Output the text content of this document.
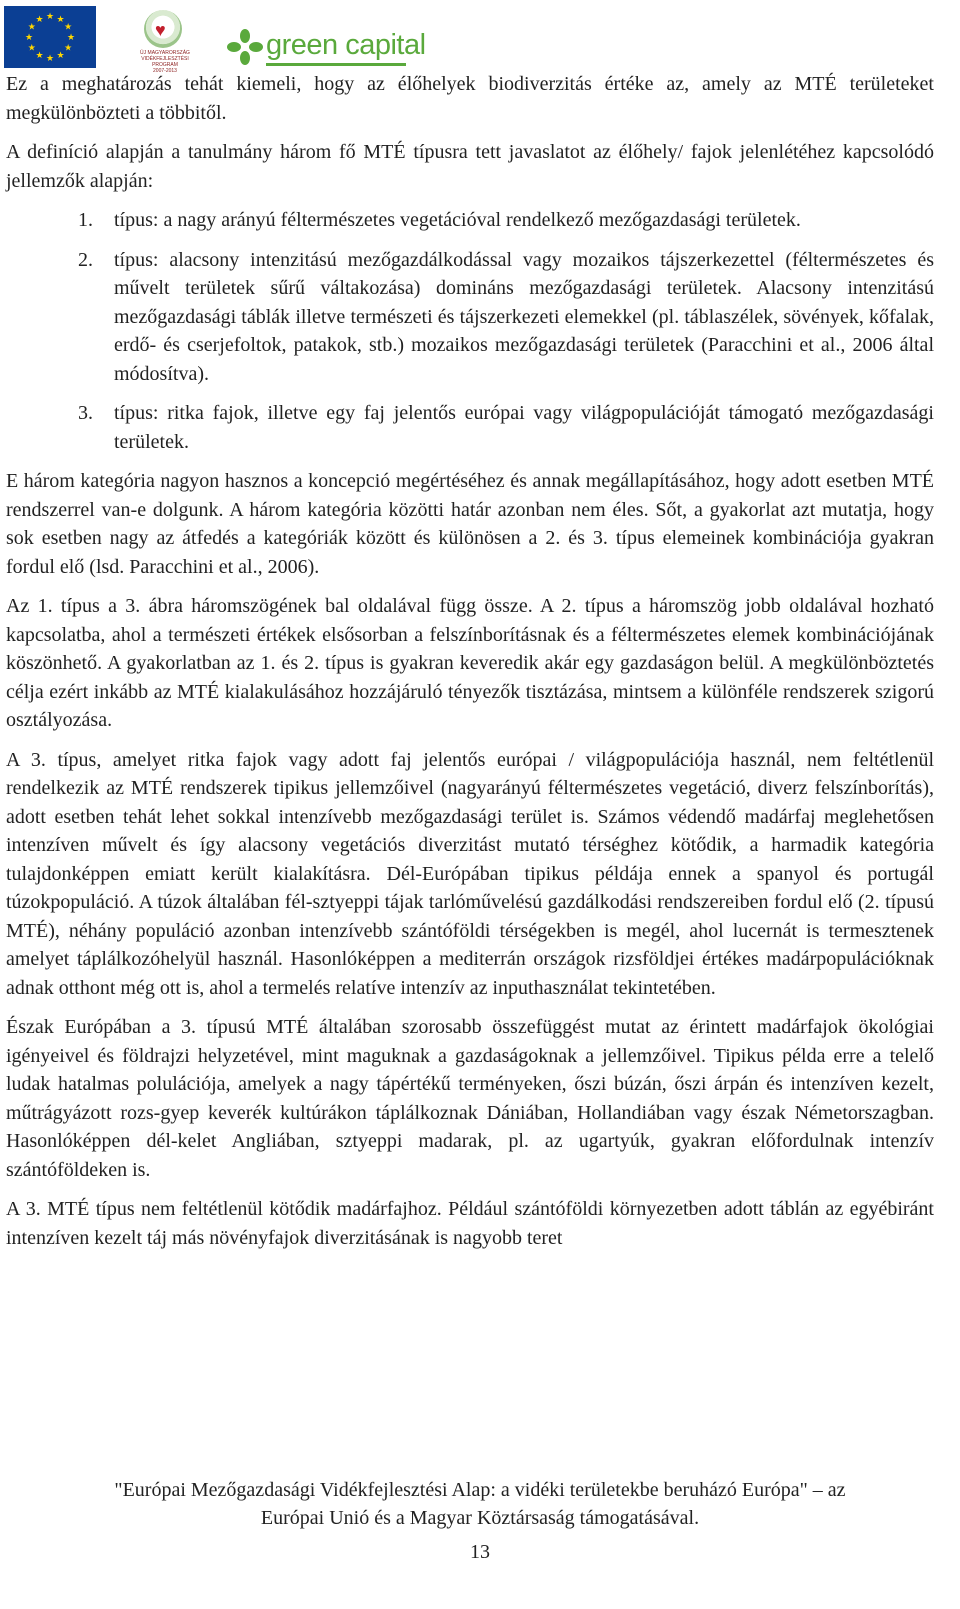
★ ★
★
★
★
★
★
★
★
★
★
★
♥
ÚJ MAGYARORSZÁG
VIDÉKFEJLESZTÉSI PROGRAM
2007-2013
green capital

Ez a meghatározás tehát kiemeli, hogy az élőhelyek biodiverzitás értéke az, amely az MTÉ területeket megkülönbözteti a többitől.

A definíció alapján a tanulmány három fő MTÉ típusra tett javaslatot az élőhely/ fajok jelenlétéhez kapcsolódó jellemzők alapján:

1. típus: a nagy arányú féltermészetes vegetációval rendelkező mezőgazdasági területek.
2. típus: alacsony intenzitású mezőgazdálkodással vagy mozaikos tájszerkezettel (féltermészetes és művelt területek sűrű váltakozása) domináns mezőgazdasági területek. Alacsony intenzitású mezőgazdasági táblák illetve természeti és tájszerkezeti elemekkel (pl. táblaszélek, sövények, kőfalak, erdő- és cserjefoltok, patakok, stb.) mozaikos mezőgazdasági területek (Paracchini et al., 2006 által módosítva).
3. típus: ritka fajok, illetve egy faj jelentős európai vagy világpopulációját támogató mezőgazdasági területek.

E három kategória nagyon hasznos a koncepció megértéséhez és annak megállapításához, hogy adott esetben MTÉ rendszerrel van-e dolgunk. A három kategória közötti határ azonban nem éles. Sőt, a gyakorlat azt mutatja, hogy sok esetben nagy az átfedés a kategóriák között és különösen a 2. és 3. típus elemeinek kombinációja gyakran fordul elő (lsd. Paracchini et al., 2006).

Az 1. típus a 3. ábra háromszögének bal oldalával függ össze. A 2. típus a háromszög jobb oldalával hozható kapcsolatba, ahol a természeti értékek elsősorban a felszínborításnak és a féltermészetes elemek kombinációjának köszönhető. A gyakorlatban az 1. és 2. típus is gyakran keveredik akár egy gazdaságon belül. A megkülönböztetés célja ezért inkább az MTÉ kialakulásához hozzájáruló tényezők tisztázása, mintsem a különféle rendszerek szigorú osztályozása.

A 3. típus, amelyet ritka fajok vagy adott faj jelentős európai / világpopulációja használ, nem feltétlenül rendelkezik az MTÉ rendszerek tipikus jellemzőivel (nagyarányú féltermészetes vegetáció, diverz felszínborítás), adott esetben tehát lehet sokkal intenzívebb mezőgazdasági terület is. Számos védendő madárfaj meglehetősen intenzíven művelt és így alacsony vegetációs diverzitást mutató térséghez kötődik, a harmadik kategória tulajdonképpen emiatt került kialakításra. Dél-Európában tipikus példája ennek a spanyol és portugál túzokpopuláció. A túzok általában fél-sztyeppi tájak tarlóművelésú gazdálkodási rendszereiben fordul elő (2. típusú MTÉ), néhány populáció azonban intenzívebb szántóföldi térségekben is megél, ahol lucernát is termesztenek amelyet táplálkozóhelyül használ. Hasonlóképpen a mediterrán országok rizsföldjei értékes madárpopulációknak adnak otthont még ott is, ahol a termelés relatíve intenzív az inputhasználat tekintetében.

Észak Európában a 3. típusú MTÉ általában szorosabb összefüggést mutat az érintett madárfajok ökológiai igényeivel és földrajzi helyzetével, mint maguknak a gazdaságoknak a jellemzőivel. Tipikus példa erre a telelő ludak hatalmas polulációja, amelyek a nagy tápértékű terményeken, őszi búzán, őszi árpán és intenzíven kezelt, műtrágyázott rozs-gyep keverék kultúrákon táplálkoznak Dániában, Hollandiában vagy észak Németorszagban. Hasonlóképpen dél-kelet Angliában, sztyeppi madarak, pl. az ugartyúk, gyakran előfordulnak intenzív szántóföldeken is.

A 3. MTÉ típus nem feltétlenül kötődik madárfajhoz. Például szántóföldi környezetben adott táblán az egyébiránt intenzíven kezelt táj más növényfajok diverzitásának is nagyobb teret

"Európai Mezőgazdasági Vidékfejlesztési Alap: a vidéki területekbe beruházó Európa" – az
Európai Unió és a Magyar Köztársaság támogatásával.
13
